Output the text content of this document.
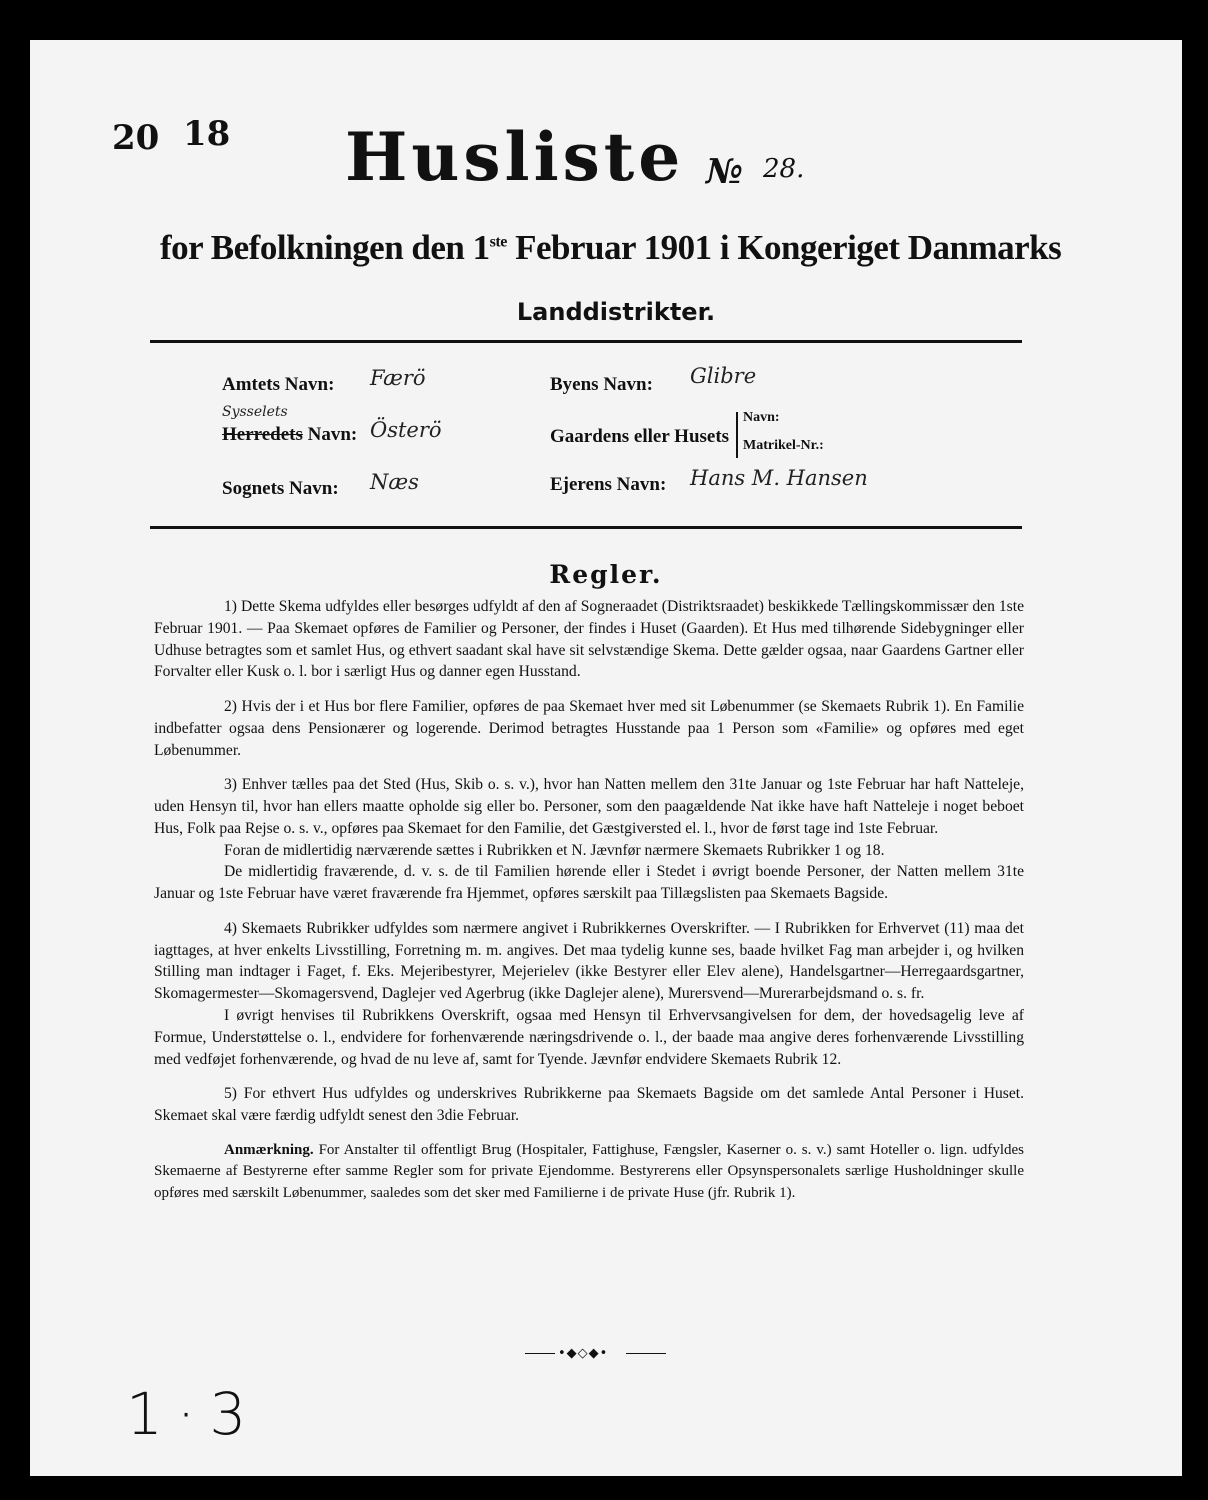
20 18 Husliste № 28.
for Befolkningen den 1ste Februar 1901 i Kongeriget Danmarks
Landdistrikter.
Amtets Navn: Færö
Sysselets
Herredets Navn: Österö
Sognets Navn: Næs
Byens Navn: Glibre
Gaardens eller Husets
Navn:
Matrikel-Nr.:
Ejerens Navn: Hans M. Hansen
Regler.

1) Dette Skema udfyldes eller besørges udfyldt af den af Sogneraadet (Distriktsraadet) beskikkede Tællingskommissær den 1ste Februar 1901. — Paa Skemaet opføres de Familier og Personer, der findes i Huset (Gaarden). Et Hus med tilhørende Sidebygninger eller Udhuse betragtes som et samlet Hus, og ethvert saadant skal have sit selvstændige Skema. Dette gælder ogsaa, naar Gaardens Gartner eller Forvalter eller Kusk o. l. bor i særligt Hus og danner egen Husstand.

2) Hvis der i et Hus bor flere Familier, opføres de paa Skemaet hver med sit Løbenummer (se Skemaets Rubrik 1). En Familie indbefatter ogsaa dens Pensionærer og logerende. Derimod betragtes Husstande paa 1 Person som «Familie» og opføres med eget Løbenummer.

3) Enhver tælles paa det Sted (Hus, Skib o. s. v.), hvor han Natten mellem den 31te Januar og 1ste Februar har haft Natteleje, uden Hensyn til, hvor han ellers maatte opholde sig eller bo. Personer, som den paagældende Nat ikke have haft Natteleje i noget beboet Hus, Folk paa Rejse o. s. v., opføres paa Skemaet for den Familie, det Gæstgiversted el. l., hvor de først tage ind 1ste Februar.

Foran de midlertidig nærværende sættes i Rubrikken et N. Jævnfør nærmere Skemaets Rubrikker 1 og 18.

De midlertidig fraværende, d. v. s. de til Familien hørende eller i Stedet i øvrigt boende Personer, der Natten mellem 31te Januar og 1ste Februar have været fraværende fra Hjemmet, opføres særskilt paa Tillægslisten paa Skemaets Bagside.

4) Skemaets Rubrikker udfyldes som nærmere angivet i Rubrikkernes Overskrifter. — I Rubrikken for Erhvervet (11) maa det iagttages, at hver enkelts Livsstilling, Forretning m. m. angives. Det maa tydelig kunne ses, baade hvilket Fag man arbejder i, og hvilken Stilling man indtager i Faget, f. Eks. Mejeribestyrer, Mejerielev (ikke Bestyrer eller Elev alene), Handelsgartner—Herregaardsgartner, Skomagermester—Skomagersvend, Daglejer ved Agerbrug (ikke Daglejer alene), Murersvend—Murerarbejdsmand o. s. fr.

I øvrigt henvises til Rubrikkens Overskrift, ogsaa med Hensyn til Erhvervsangivelsen for dem, der hovedsagelig leve af Formue, Understøttelse o. l., endvidere for forhenværende næringsdrivende o. l., der baade maa angive deres forhenværende Livsstilling med vedføjet forhenværende, og hvad de nu leve af, samt for Tyende. Jævnfør endvidere Skemaets Rubrik 12.

5) For ethvert Hus udfyldes og underskrives Rubrikkerne paa Skemaets Bagside om det samlede Antal Personer i Huset. Skemaet skal være færdig udfyldt senest den 3die Februar.

Anmærkning. For Anstalter til offentligt Brug (Hospitaler, Fattighuse, Fængsler, Kaserner o. s. v.) samt Hoteller o. lign. udfyldes Skemaerne af Bestyrerne efter samme Regler som for private Ejendomme. Bestyrerens eller Opsynspersonalets særlige Husholdninger skulle opføres med særskilt Løbenummer, saaledes som det sker med Familierne i de private Huse (jfr. Rubrik 1).

•◆◇◆•
1·3
